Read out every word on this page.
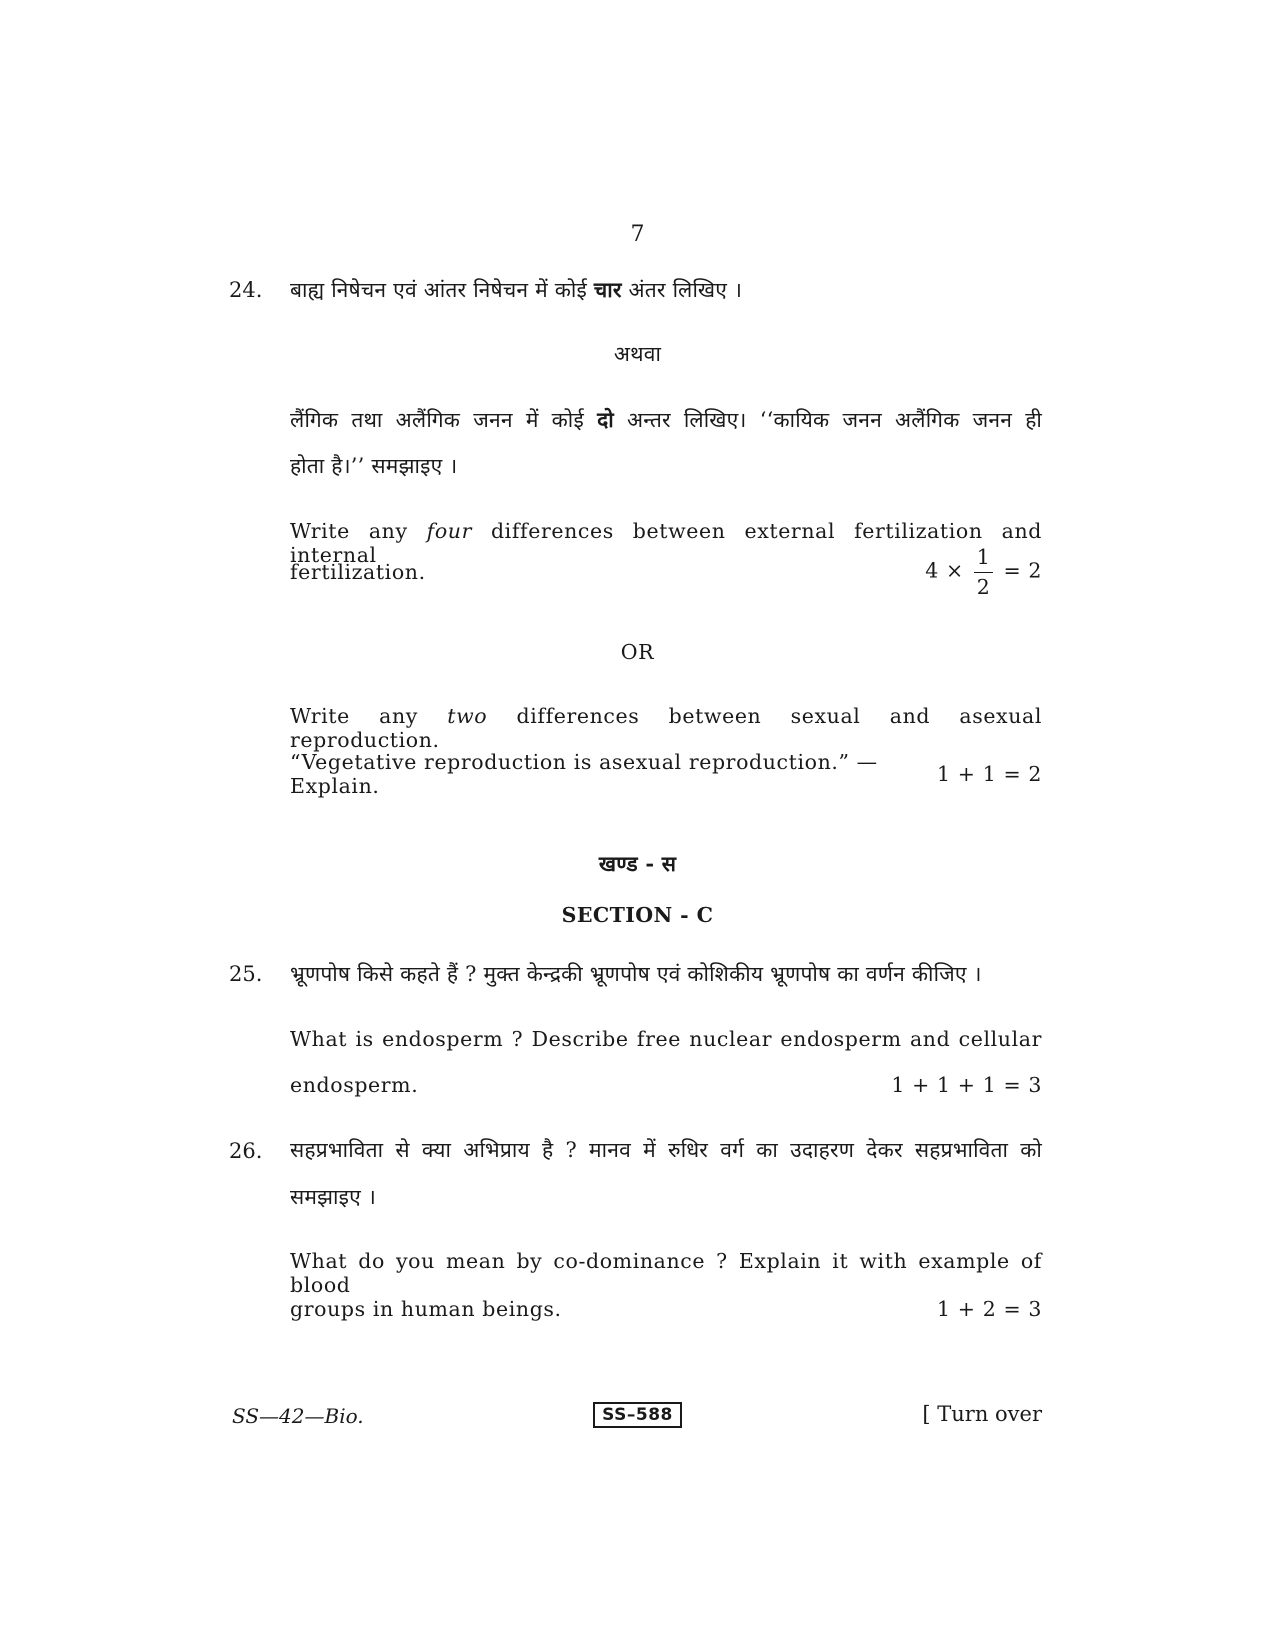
7
24. बाह्य निषेचन एवं आंतर निषेचन में कोई चार अंतर लिखिए ।
अथवा
लैंगिक तथा अलैंगिक जनन में कोई दो अन्तर लिखिए। ‘‘कायिक जनन अलैंगिक जनन ही
होता है।’’ समझाइए ।
Write any four differences between external fertilization and internal
fertilization.	$4 \times \frac{1}{2} = 2$
OR
Write any two differences between sexual and asexual reproduction.
“Vegetative reproduction is asexual reproduction.” — Explain.	1 + 1 = 2
खण्ड - स
SECTION - C
25. भ्रूणपोष किसे कहते हैं ? मुक्त केन्द्रकी भ्रूणपोष एवं कोशिकीय भ्रूणपोष का वर्णन कीजिए ।
What is endosperm ? Describe free nuclear endosperm and cellular
endosperm.	1 + 1 + 1 = 3
26. सहप्रभाविता से क्या अभिप्राय है ? मानव में रुधिर वर्ग का उदाहरण देकर सहप्रभाविता को
समझाइए ।
What do you mean by co-dominance ? Explain it with example of blood
groups in human beings.	1 + 2 = 3
SS—42—Bio.	SS–588	[ Turn over
